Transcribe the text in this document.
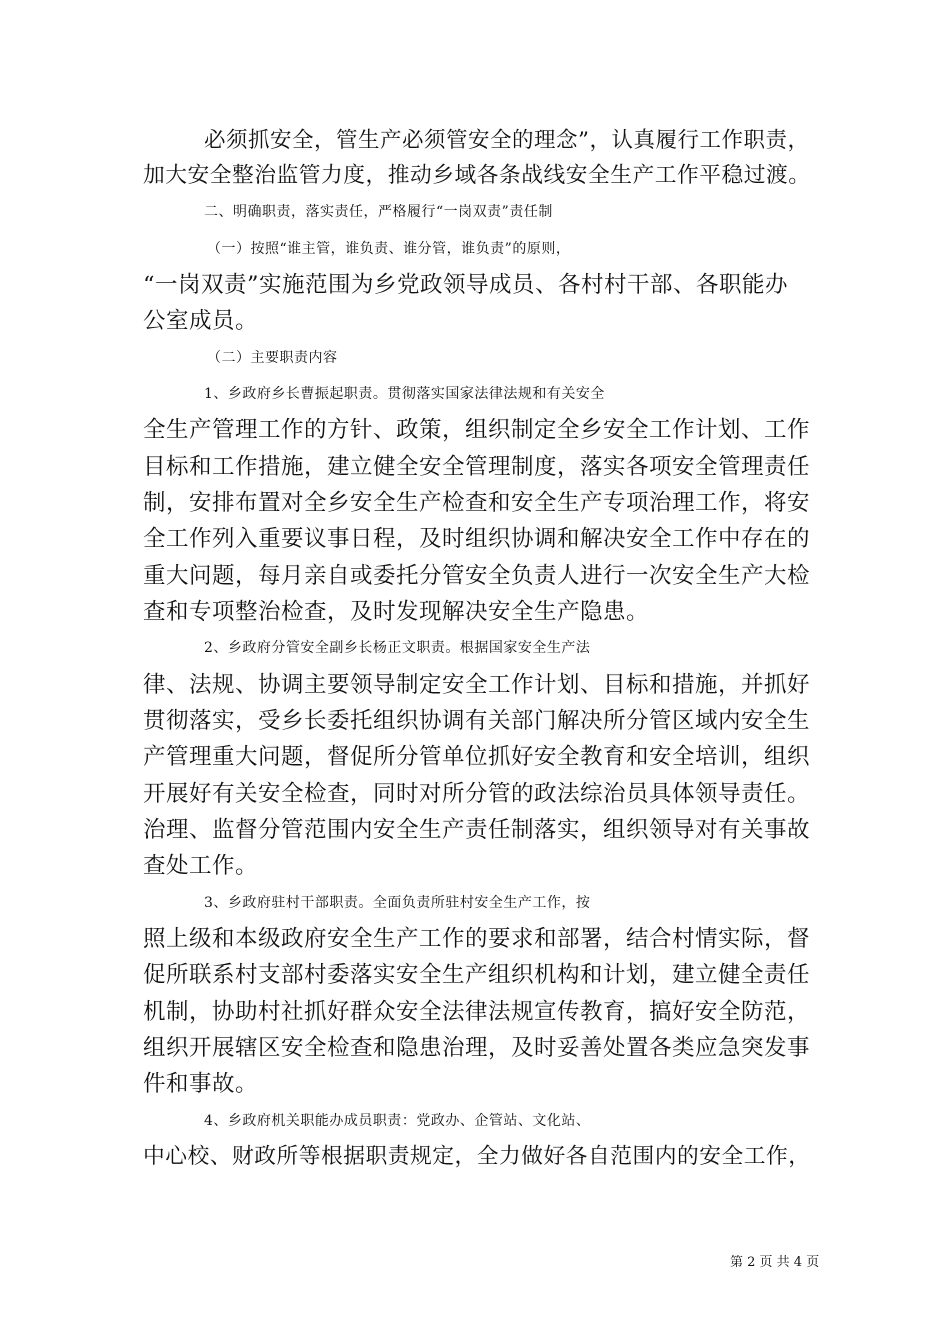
必须抓安全，管生产必须管安全的理念”，认真履行工作职责，
加大安全整治监管力度，推动乡域各条战线安全生产工作平稳过渡。
二、明确职责，落实责任，严格履行“一岗双责”责任制
（一）按照“谁主管，谁负责、谁分管，谁负责”的原则，
“一岗双责”实施范围为乡党政领导成员、各村村干部、各职能办
公室成员。
（二）主要职责内容
1、乡政府乡长曹振起职责。贯彻落实国家法律法规和有关安全
全生产管理工作的方针、政策，组织制定全乡安全工作计划、工作
目标和工作措施，建立健全安全管理制度，落实各项安全管理责任
制，安排布置对全乡安全生产检查和安全生产专项治理工作，将安
全工作列入重要议事日程，及时组织协调和解决安全工作中存在的
重大问题，每月亲自或委托分管安全负责人进行一次安全生产大检
查和专项整治检查，及时发现解决安全生产隐患。
2、乡政府分管安全副乡长杨正文职责。根据国家安全生产法
律、法规、协调主要领导制定安全工作计划、目标和措施，并抓好
贯彻落实，受乡长委托组织协调有关部门解决所分管区域内安全生
产管理重大问题，督促所分管单位抓好安全教育和安全培训，组织
开展好有关安全检查，同时对所分管的政法综治员具体领导责任。
治理、监督分管范围内安全生产责任制落实，组织领导对有关事故
查处工作。
3、乡政府驻村干部职责。全面负责所驻村安全生产工作，按
照上级和本级政府安全生产工作的要求和部署，结合村情实际，督
促所联系村支部村委落实安全生产组织机构和计划，建立健全责任
机制，协助村社抓好群众安全法律法规宣传教育，搞好安全防范，
组织开展辖区安全检查和隐患治理，及时妥善处置各类应急突发事
件和事故。
4、乡政府机关职能办成员职责：党政办、企管站、文化站、
中心校、财政所等根据职责规定，全力做好各自范围内的安全工作，
第 2 页 共 4 页
